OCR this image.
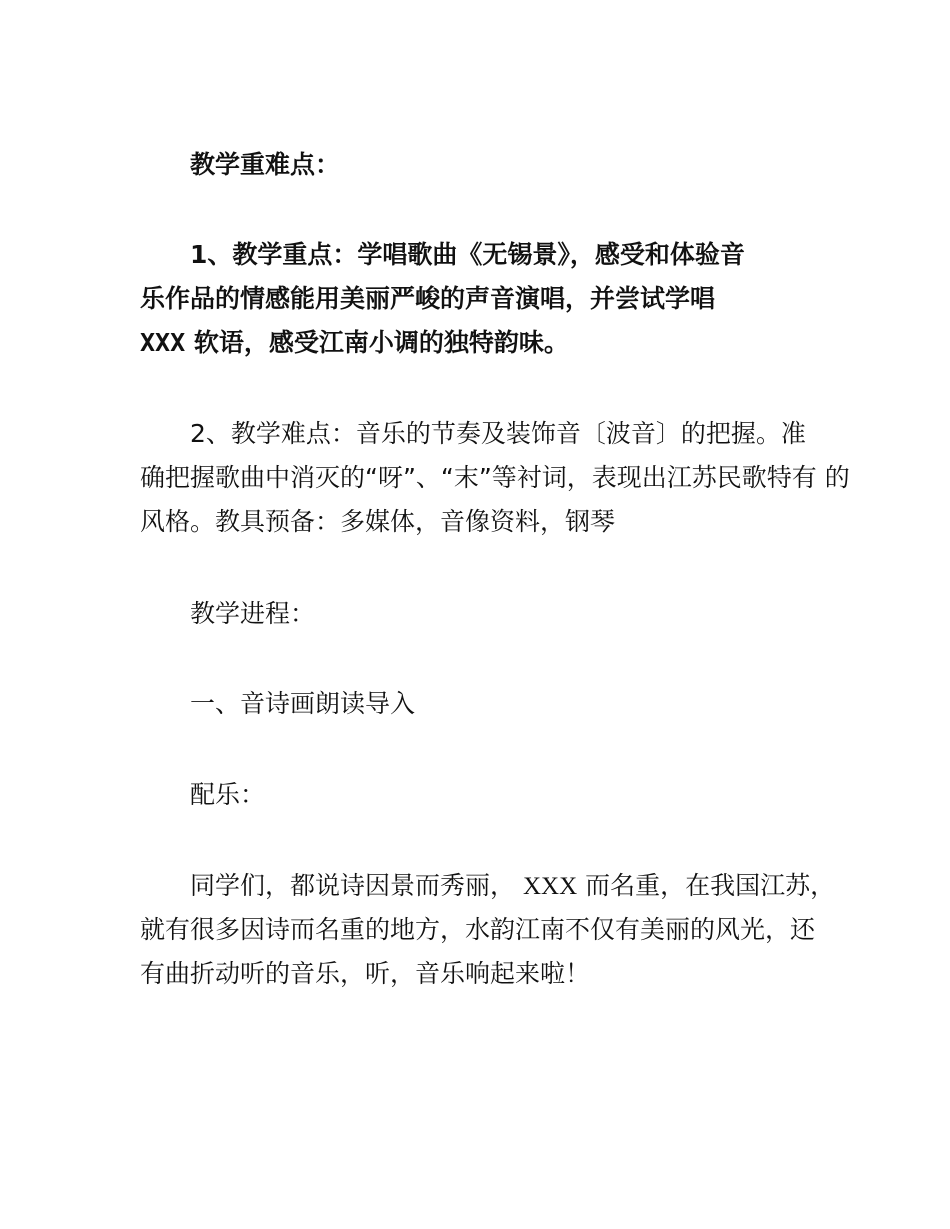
教学重难点：
1、教学重点：学唱歌曲《无锡景》，感受和体验音
乐作品的情感能用美丽严峻的声音演唱，并尝试学唱
XXX 软语，感受江南小调的独特韵味。
2、教学难点：音乐的节奏及装饰音〔波音〕的把握。准
确把握歌曲中消灭的“呀”、“末”等衬词，表现出江苏民歌特有 的
风格。教具预备：多媒体，音像资料，钢琴
教学进程：
一、音诗画朗读导入
配乐：
同学们，都说诗因景而秀丽， XXX 而名重，在我国江苏，
就有很多因诗而名重的地方，水韵江南不仅有美丽的风光，还
有曲折动听的音乐，听，音乐响起来啦！
